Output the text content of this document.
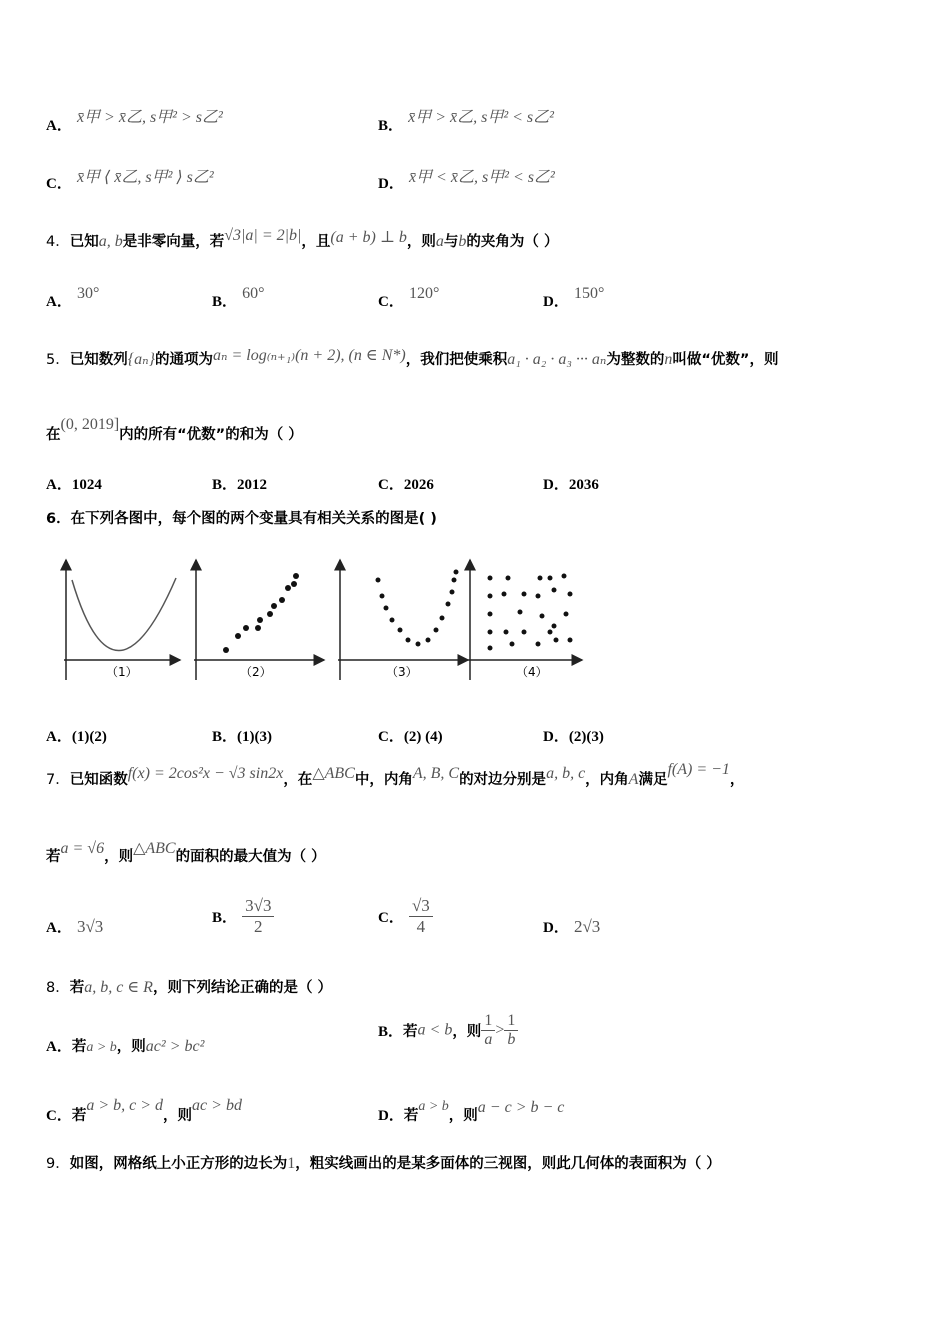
A． x̄甲 > x̄乙, s甲² > s乙²	B． x̄甲 > x̄乙, s甲² < s乙²
C． x̄甲 ⟨ x̄乙, s甲² ⟩ s乙²	D． x̄甲 < x̄乙, s甲² < s乙²
4．已知a, b是非零向量，若√3|a| = 2|b|，且(a + b) ⊥ b，则a与b的夹角为（ ）
A． 30°	B． 60°	C． 120°	D． 150°
5．已知数列{aₙ}的通项为aₙ = log₍ₙ₊₁₎(n + 2), (n ∈ N*)，我们把使乘积a₁ · a₂ · a₃ ··· aₙ为整数的n叫做“优数”，则
在(0, 2019]内的所有“优数”的和为（ ）
A．1024	B．2012	C．2026	D．2036
6．在下列各图中，每个图的两个变量具有相关关系的图是( )
（1）	（2）	（3）	（4）
A．(1)(2)	B．(1)(3)	C．(2) (4)	D．(2)(3)
7．已知函数f(x) = 2cos²x − √3 sin2x，在△ABC中，内角A, B, C的对边分别是a, b, c，内角A满足f(A) = −1，
若a = √6，则△ABC的面积的最大值为（ ）
A． 3√3	B． $\frac{3√3}{2}$	C． $\frac{√3}{4}$	D． 2√3
8．若a, b, c ∈ R，则下列结论正确的是（ ）
A．若a > b，则ac² > bc²
B．若a < b，则 $\frac{1}{a} > \frac{1}{b}$
C．若a > b, c > d，则ac > bd
D．若a > b，则a − c > b − c
9．如图，网格纸上小正方形的边长为1，粗实线画出的是某多面体的三视图，则此几何体的表面积为（ ）
